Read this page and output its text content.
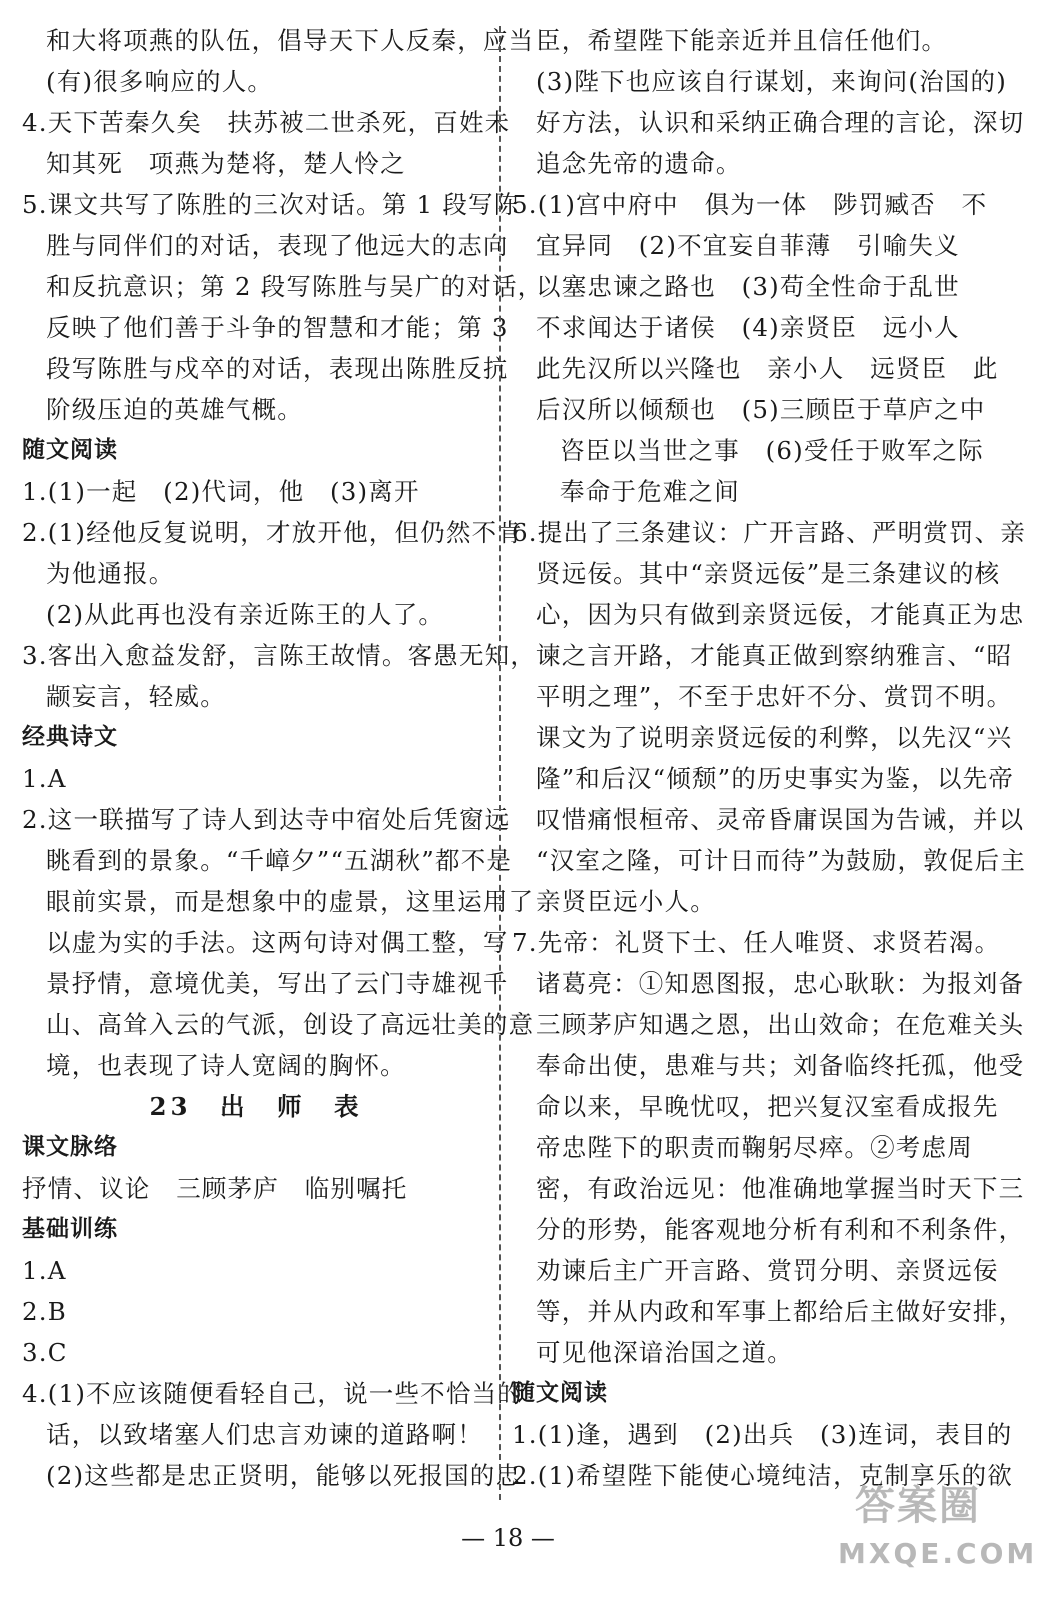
和大将项燕的队伍，倡导天下人反秦，应当
(有)很多响应的人。
4.天下苦秦久矣　扶苏被二世杀死，百姓未
知其死　项燕为楚将，楚人怜之
5.课文共写了陈胜的三次对话。第 1 段写陈
胜与同伴们的对话，表现了他远大的志向
和反抗意识；第 2 段写陈胜与吴广的对话，
反映了他们善于斗争的智慧和才能；第 3
段写陈胜与戍卒的对话，表现出陈胜反抗
阶级压迫的英雄气概。
随文阅读
1.(1)一起　(2)代词，他　(3)离开
2.(1)经他反复说明，才放开他，但仍然不肯
为他通报。
(2)从此再也没有亲近陈王的人了。
3.客出入愈益发舒，言陈王故情。客愚无知，
颛妄言，轻威。
经典诗文
1.A
2.这一联描写了诗人到达寺中宿处后凭窗远
眺看到的景象。“千嶂夕”“五湖秋”都不是
眼前实景，而是想象中的虚景，这里运用了
以虚为实的手法。这两句诗对偶工整，写
景抒情，意境优美，写出了云门寺雄视千
山、高耸入云的气派，创设了高远壮美的意
境，也表现了诗人宽阔的胸怀。
23　出　师　表
课文脉络
抒情、议论　三顾茅庐　临别嘱托
基础训练
1.A
2.B
3.C
4.(1)不应该随便看轻自己，说一些不恰当的
话，以致堵塞人们忠言劝谏的道路啊！
(2)这些都是忠正贤明，能够以死报国的忠
臣，希望陛下能亲近并且信任他们。
(3)陛下也应该自行谋划，来询问(治国的)
好方法，认识和采纳正确合理的言论，深切
追念先帝的遗命。
5.(1)宫中府中　俱为一体　陟罚臧否　不
宜异同　(2)不宜妄自菲薄　引喻失义
以塞忠谏之路也　(3)苟全性命于乱世
不求闻达于诸侯　(4)亲贤臣　远小人
此先汉所以兴隆也　亲小人　远贤臣　此
后汉所以倾颓也　(5)三顾臣于草庐之中
咨臣以当世之事　(6)受任于败军之际
奉命于危难之间
6.提出了三条建议：广开言路、严明赏罚、亲
贤远佞。其中“亲贤远佞”是三条建议的核
心，因为只有做到亲贤远佞，才能真正为忠
谏之言开路，才能真正做到察纳雅言、“昭
平明之理”，不至于忠奸不分、赏罚不明。
课文为了说明亲贤远佞的利弊，以先汉“兴
隆”和后汉“倾颓”的历史事实为鉴，以先帝
叹惜痛恨桓帝、灵帝昏庸误国为告诫，并以
“汉室之隆，可计日而待”为鼓励，敦促后主
亲贤臣远小人。
7.先帝：礼贤下士、任人唯贤、求贤若渴。
诸葛亮：①知恩图报，忠心耿耿：为报刘备
三顾茅庐知遇之恩，出山效命；在危难关头
奉命出使，患难与共；刘备临终托孤，他受
命以来，早晚忧叹，把兴复汉室看成报先
帝忠陛下的职责而鞠躬尽瘁。②考虑周
密，有政治远见：他准确地掌握当时天下三
分的形势，能客观地分析有利和不利条件，
劝谏后主广开言路、赏罚分明、亲贤远佞
等，并从内政和军事上都给后主做好安排，
可见他深谙治国之道。
随文阅读
1.(1)逢，遇到　(2)出兵　(3)连词，表目的
2.(1)希望陛下能使心境纯洁，克制享乐的欲
— 18 —
答案圈
MXQE.COM
